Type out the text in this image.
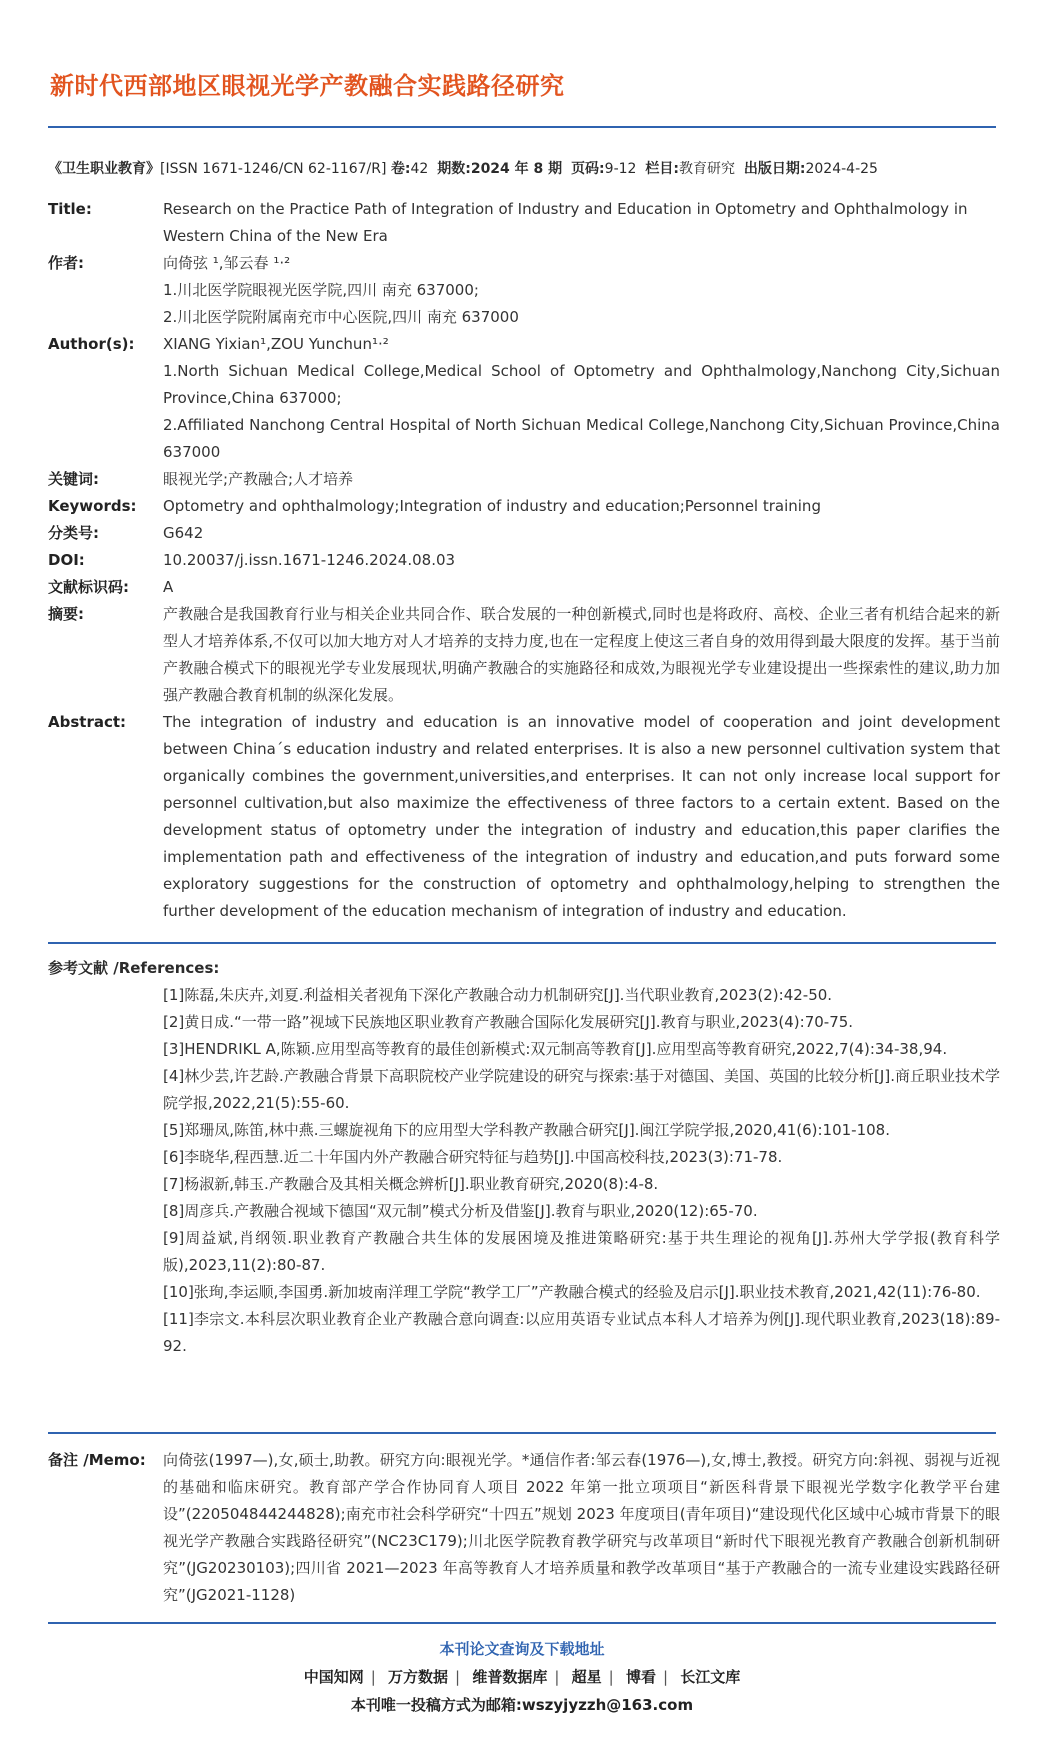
新时代西部地区眼视光学产教融合实践路径研究
《卫生职业教育》[ISSN 1671-1246/CN 62-1167/R] 卷:42 期数:2024 年 8 期 页码:9-12 栏目:教育研究 出版日期:2024-4-25
Title:	Research on the Practice Path of Integration of Industry and Education in Optometry and Ophthalmology in Western China of the New Era
作者:	向倚弦 ¹,邹云春 ¹·²

1.川北医学院眼视光医学院,四川 南充 637000;

2.川北医学院附属南充市中心医院,四川 南充 637000

Author(s):	XIANG Yixian¹,ZOU Yunchun¹·²

1.North Sichuan Medical College,Medical School of Optometry and Ophthalmology,Nanchong City,Sichuan Province,China 637000;

2.Affiliated Nanchong Central Hospital of North Sichuan Medical College,Nanchong City,Sichuan Province,China 637000

关键词:	眼视光学;产教融合;人才培养
Keywords:	Optometry and ophthalmology;Integration of industry and education;Personnel training
分类号:	G642
DOI:	10.20037/j.issn.1671-1246.2024.08.03
文献标识码:	A
摘要:	产教融合是我国教育行业与相关企业共同合作、联合发展的一种创新模式,同时也是将政府、高校、企业三者有机结合起来的新型人才培养体系,不仅可以加大地方对人才培养的支持力度,也在一定程度上使这三者自身的效用得到最大限度的发挥。基于当前产教融合模式下的眼视光学专业发展现状,明确产教融合的实施路径和成效,为眼视光学专业建设提出一些探索性的建议,助力加强产教融合教育机制的纵深化发展。
Abstract:	The integration of industry and education is an innovative model of cooperation and joint development between China´s education industry and related enterprises. It is also a new personnel cultivation system that organically combines the government,universities,and enterprises. It can not only increase local support for personnel cultivation,but also maximize the effectiveness of three factors to a certain extent. Based on the development status of optometry under the integration of industry and education,this paper clarifies the implementation path and effectiveness of the integration of industry and education,and puts forward some exploratory suggestions for the construction of optometry and ophthalmology,helping to strengthen the further development of the education mechanism of integration of industry and education.
参考文献 /References:
[1]陈磊,朱庆卉,刘夏.利益相关者视角下深化产教融合动力机制研究[J].当代职业教育,2023(2):42-50.
[2]黄日成.“一带一路”视域下民族地区职业教育产教融合国际化发展研究[J].教育与职业,2023(4):70-75.
[3]HENDRIKL A,陈颖.应用型高等教育的最佳创新模式:双元制高等教育[J].应用型高等教育研究,2022,7(4):34-38,94.
[4]林少芸,许艺龄.产教融合背景下高职院校产业学院建设的研究与探索:基于对德国、美国、英国的比较分析[J].商丘职业技术学院学报,2022,21(5):55-60.
[5]郑珊凤,陈笛,林中燕.三螺旋视角下的应用型大学科教产教融合研究[J].闽江学院学报,2020,41(6):101-108.
[6]李晓华,程西慧.近二十年国内外产教融合研究特征与趋势[J].中国高校科技,2023(3):71-78.
[7]杨淑新,韩玉.产教融合及其相关概念辨析[J].职业教育研究,2020(8):4-8.
[8]周彦兵.产教融合视域下德国“双元制”模式分析及借鉴[J].教育与职业,2020(12):65-70.
[9]周益斌,肖纲领.职业教育产教融合共生体的发展困境及推进策略研究:基于共生理论的视角[J].苏州大学学报(教育科学版),2023,11(2):80-87.
[10]张珣,李运顺,李国勇.新加坡南洋理工学院“教学工厂”产教融合模式的经验及启示[J].职业技术教育,2021,42(11):76-80.
[11]李宗文.本科层次职业教育企业产教融合意向调查:以应用英语专业试点本科人才培养为例[J].现代职业教育,2023(18):89-92.
备注 /Memo:	向倚弦(1997—),女,硕士,助教。研究方向:眼视光学。*通信作者:邹云春(1976—),女,博士,教授。研究方向:斜视、弱视与近视的基础和临床研究。教育部产学合作协同育人项目 2022 年第一批立项项目“新医科背景下眼视光学数字化教学平台建设”(220504844244828);南充市社会科学研究“十四五”规划 2023 年度项目(青年项目)“建设现代化区域中心城市背景下的眼视光学产教融合实践路径研究”(NC23C179);川北医学院教育教学研究与改革项目“新时代下眼视光教育产教融合创新机制研究”(JG20230103);四川省 2021—2023 年高等教育人才培养质量和教学改革项目“基于产教融合的一流专业建设实践路径研究”(JG2021-1128)
本刊论文查询及下载地址
中国知网 | 万方数据 | 维普数据库 | 超星 | 博看 | 长江文库
本刊唯一投稿方式为邮箱:wszyjyzzh@163.com
